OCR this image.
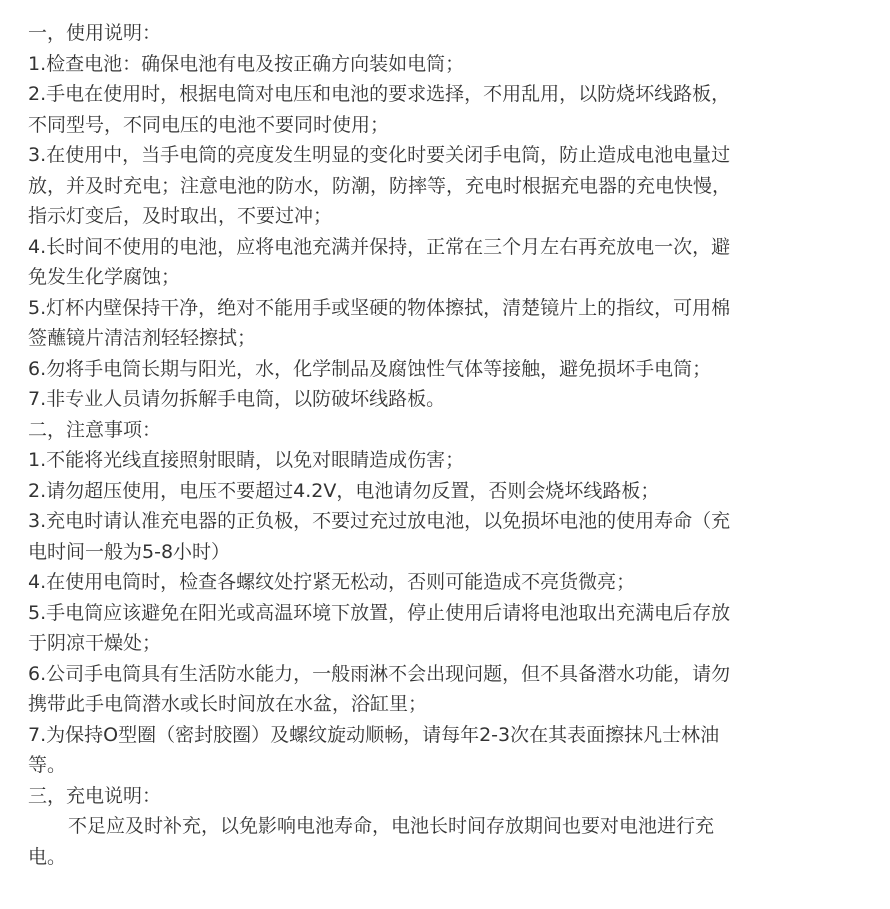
一，使用说明：

1.检查电池：确保电池有电及按正确方向装如电筒；

2.手电在使用时，根据电筒对电压和电池的要求选择，不用乱用，以防烧坏线路板，

不同型号，不同电压的电池不要同时使用；

3.在使用中，当手电筒的亮度发生明显的变化时要关闭手电筒，防止造成电池电量过

放，并及时充电；注意电池的防水，防潮，防摔等，充电时根据充电器的充电快慢，

指示灯变后，及时取出，不要过冲；

4.长时间不使用的电池，应将电池充满并保持，正常在三个月左右再充放电一次，避

免发生化学腐蚀；

5.灯杯内壁保持干净，绝对不能用手或坚硬的物体擦拭，清楚镜片上的指纹，可用棉

签蘸镜片清洁剂轻轻擦拭；

6.勿将手电筒长期与阳光，水，化学制品及腐蚀性气体等接触，避免损坏手电筒；

7.非专业人员请勿拆解手电筒，以防破坏线路板。

二，注意事项：

1.不能将光线直接照射眼睛，以免对眼睛造成伤害；

2.请勿超压使用，电压不要超过4.2V，电池请勿反置，否则会烧坏线路板；

3.充电时请认准充电器的正负极，不要过充过放电池，以免损坏电池的使用寿命（充

电时间一般为5-8小时）

4.在使用电筒时，检查各螺纹处拧紧无松动，否则可能造成不亮货微亮；

5.手电筒应该避免在阳光或高温环境下放置，停止使用后请将电池取出充满电后存放

于阴凉干燥处；

6.公司手电筒具有生活防水能力，一般雨淋不会出现问题，但不具备潜水功能，请勿

携带此手电筒潜水或长时间放在水盆，浴缸里；

7.为保持O型圈（密封胶圈）及螺纹旋动顺畅，请每年2-3次在其表面擦抹凡士林油

等。

三，充电说明：

不足应及时补充，以免影响电池寿命，电池长时间存放期间也要对电池进行充

电。
